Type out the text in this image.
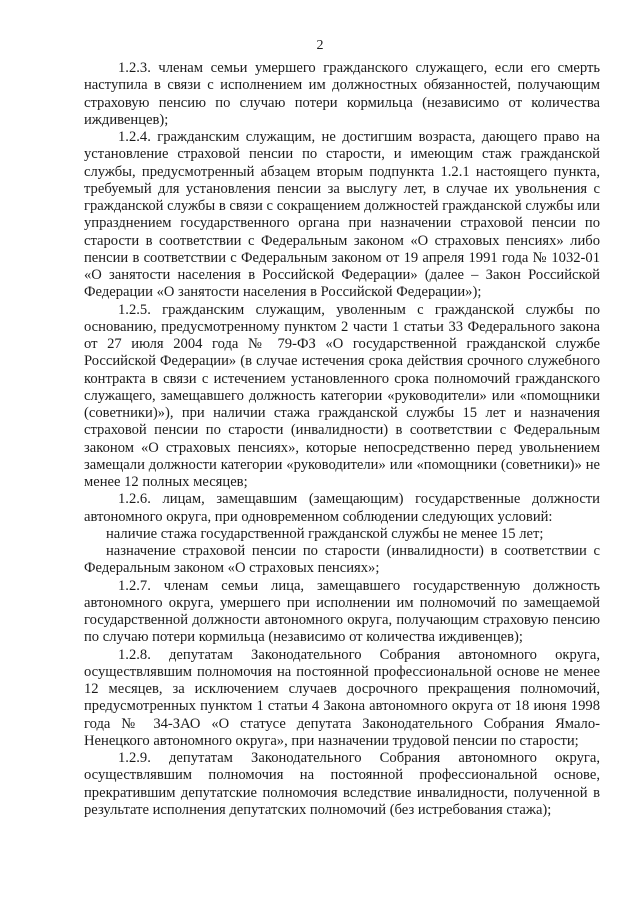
2

1.2.3. членам семьи умершего гражданского служащего, если его смерть наступила в связи с исполнением им должностных обязанностей, получающим страховую пенсию по случаю потери кормильца (независимо от количества иждивенцев);

1.2.4. гражданским служащим, не достигшим возраста, дающего право на установление страховой пенсии по старости, и имеющим стаж гражданской службы, предусмотренный абзацем вторым подпункта 1.2.1 настоящего пункта, требуемый для установления пенсии за выслугу лет, в случае их увольнения с гражданской службы в связи с сокращением должностей гражданской службы или упразднением государственного органа при назначении страховой пенсии по старости в соответствии с Федеральным законом «О страховых пенсиях» либо пенсии в соответствии с Федеральным законом от 19 апреля 1991 года № 1032-01 «О занятости населения в Российской Федерации» (далее – Закон Российской Федерации «О занятости населения в Российской Федерации»);

1.2.5. гражданским служащим, уволенным с гражданской службы по основанию, предусмотренному пунктом 2 части 1 статьи 33 Федерального закона от 27 июля 2004 года № 79-ФЗ «О государственной гражданской службе Российской Федерации» (в случае истечения срока действия срочного служебного контракта в связи с истечением установленного срока полномочий гражданского служащего, замещавшего должность категории «руководители» или «помощники (советники)»), при наличии стажа гражданской службы 15 лет и назначения страховой пенсии по старости (инвалидности) в соответствии с Федеральным законом «О страховых пенсиях», которые непосредственно перед увольнением замещали должности категории «руководители» или «помощники (советники)» не менее 12 полных месяцев;

1.2.6. лицам, замещавшим (замещающим) государственные должности автономного округа, при одновременном соблюдении следующих условий:

наличие стажа государственной гражданской службы не менее 15 лет;

назначение страховой пенсии по старости (инвалидности) в соответствии с Федеральным законом «О страховых пенсиях»;

1.2.7. членам семьи лица, замещавшего государственную должность автономного округа, умершего при исполнении им полномочий по замещаемой государственной должности автономного округа, получающим страховую пенсию по случаю потери кормильца (независимо от количества иждивенцев);

1.2.8. депутатам Законодательного Собрания автономного округа, осуществлявшим полномочия на постоянной профессиональной основе не менее 12 месяцев, за исключением случаев досрочного прекращения полномочий, предусмотренных пунктом 1 статьи 4 Закона автономного округа от 18 июня 1998 года № 34-ЗАО «О статусе депутата Законодательного Собрания Ямало-Ненецкого автономного округа», при назначении трудовой пенсии по старости;

1.2.9. депутатам Законодательного Собрания автономного округа, осуществлявшим полномочия на постоянной профессиональной основе, прекратившим депутатские полномочия вследствие инвалидности, полученной в результате исполнения депутатских полномочий (без истребования стажа);
